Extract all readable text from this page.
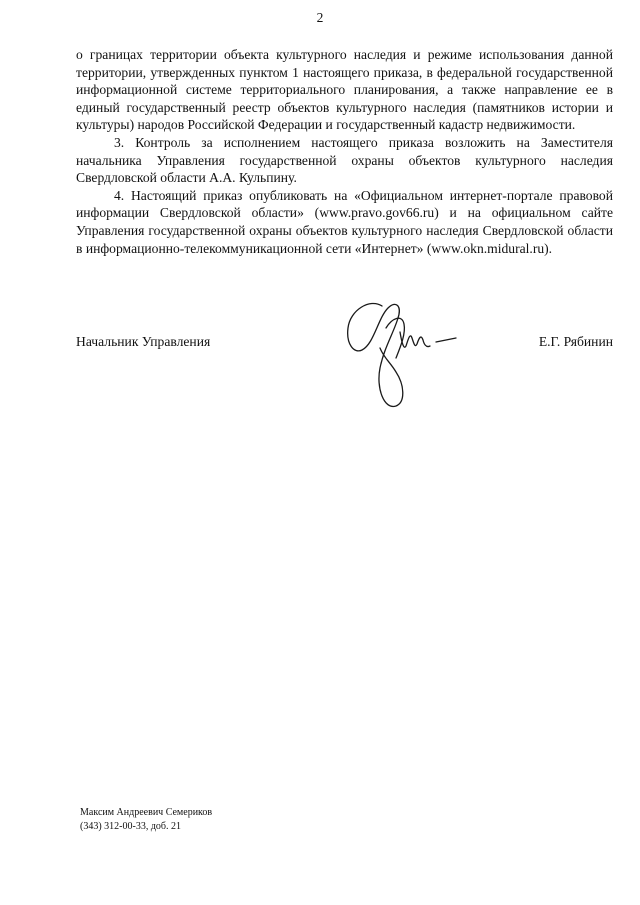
2

о границах территории объекта культурного наследия и режиме использования данной территории, утвержденных пунктом 1 настоящего приказа, в федеральной государственной информационной системе территориального планирования, а также направление ее в единый государственный реестр объектов культурного наследия (памятников истории и культуры) народов Российской Федерации и государственный кадастр недвижимости.

3. Контроль за исполнением настоящего приказа возложить на Заместителя начальника Управления государственной охраны объектов культурного наследия Свердловской области А.А. Кульпину.

4. Настоящий приказ опубликовать на «Официальном интернет-портале правовой информации Свердловской области» (www.pravo.gov66.ru) и на официальном сайте Управления государственной охраны объектов культурного наследия Свердловской области в информационно-телекоммуникационной сети «Интернет» (www.okn.midural.ru).

Начальник Управления	Е.Г. Рябинин
Максим Андреевич Семериков
(343) 312-00-33, доб. 21
